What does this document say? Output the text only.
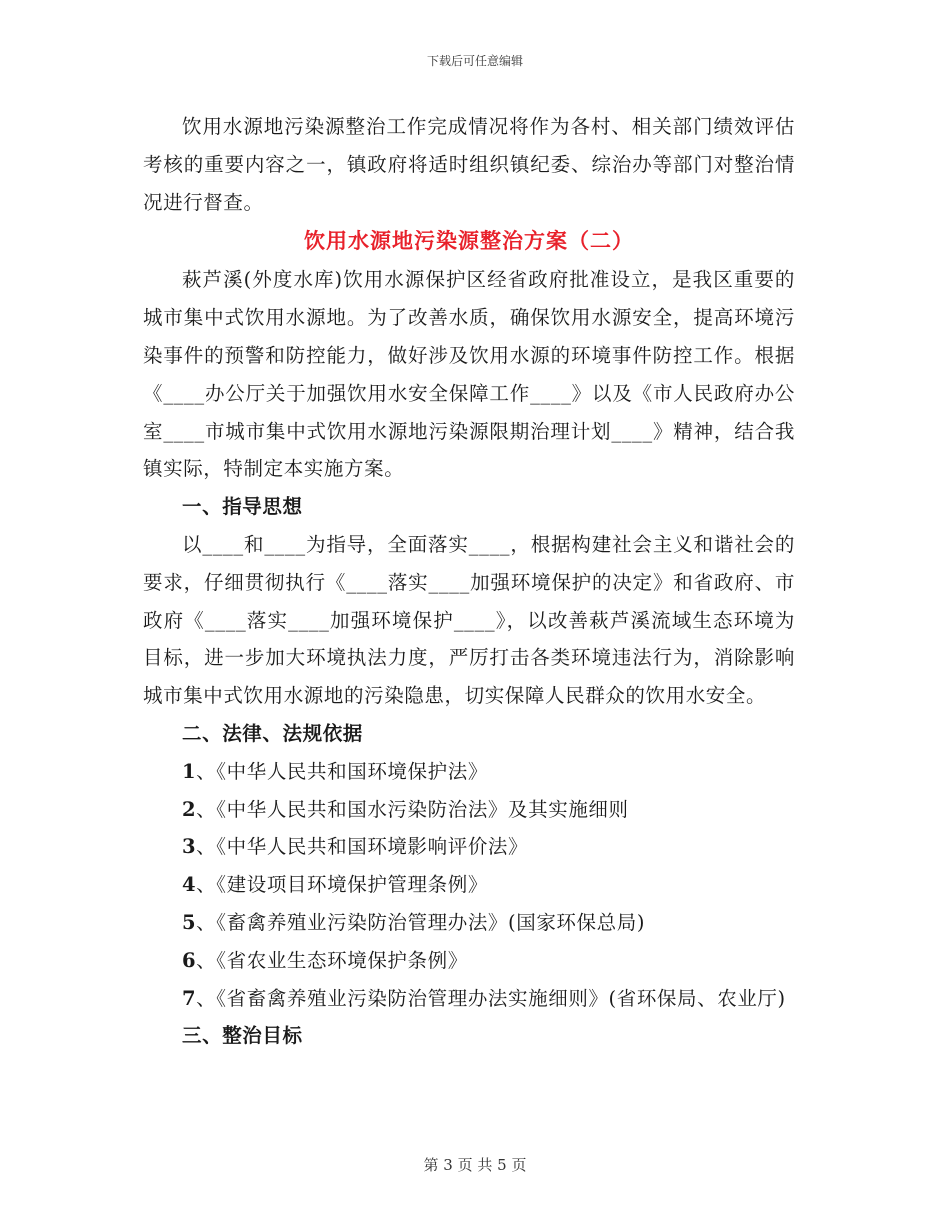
下载后可任意编辑

饮用水源地污染源整治工作完成情况将作为各村、相关部门绩效评估考核的重要内容之一，镇政府将适时组织镇纪委、综治办等部门对整治情况进行督查。

饮用水源地污染源整治方案（二）

萩芦溪(外度水库)饮用水源保护区经省政府批准设立，是我区重要的城市集中式饮用水源地。为了改善水质，确保饮用水源安全，提高环境污染事件的预警和防控能力，做好涉及饮用水源的环境事件防控工作。根据《____办公厅关于加强饮用水安全保障工作____》以及《市人民政府办公室____市城市集中式饮用水源地污染源限期治理计划____》精神，结合我镇实际，特制定本实施方案。

一、指导思想

以____和____为指导，全面落实____，根据构建社会主义和谐社会的要求，仔细贯彻执行《____落实____加强环境保护的决定》和省政府、市政府《____落实____加强环境保护____》，以改善萩芦溪流域生态环境为目标，进一步加大环境执法力度，严厉打击各类环境违法行为，消除影响城市集中式饮用水源地的污染隐患，切实保障人民群众的饮用水安全。

二、法律、法规依据

1、《中华人民共和国环境保护法》

2、《中华人民共和国水污染防治法》及其实施细则

3、《中华人民共和国环境影响评价法》

4、《建设项目环境保护管理条例》

5、《畜禽养殖业污染防治管理办法》(国家环保总局)

6、《省农业生态环境保护条例》

7、《省畜禽养殖业污染防治管理办法实施细则》(省环保局、农业厅)

三、整治目标
第 3 页 共 5 页
